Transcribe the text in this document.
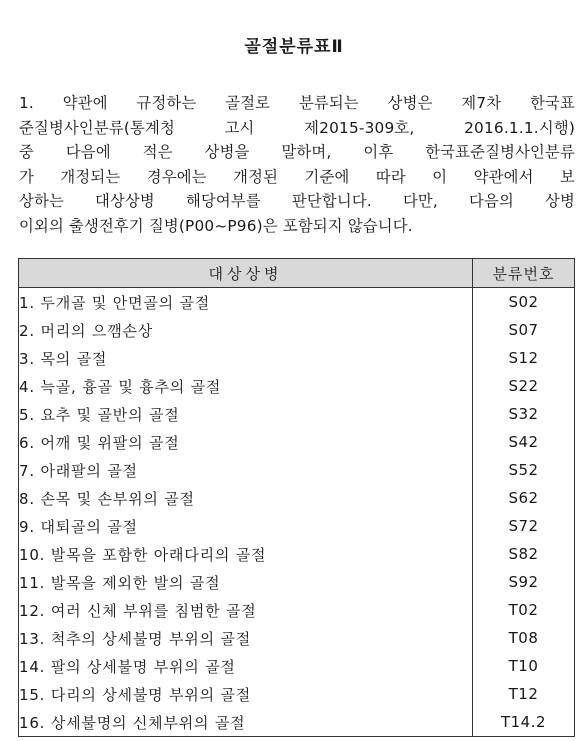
골절분류표Ⅱ
1. 약관에 규정하는 골절로 분류되는 상병은 제7차 한국표
준질병사인분류(통계청 고시 제2015-309호, 2016.1.1.시행)
중 다음에 적은 상병을 말하며, 이후 한국표준질병사인분류
가 개정되는 경우에는 개정된 기준에 따라 이 약관에서 보
상하는 대상상병 해당여부를 판단합니다. 다만, 다음의 상병
이외의 출생전후기 질병(P00~P96)은 포함되지 않습니다.
대상상병	분류번호
1. 두개골 및 안면골의 골절	S02
2. 머리의 으깸손상	S07
3. 목의 골절	S12
4. 늑골, 흉골 및 흉추의 골절	S22
5. 요추 및 골반의 골절	S32
6. 어깨 및 위팔의 골절	S42
7. 아래팔의 골절	S52
8. 손목 및 손부위의 골절	S62
9. 대퇴골의 골절	S72
10. 발목을 포함한 아래다리의 골절	S82
11. 발목을 제외한 발의 골절	S92
12. 여러 신체 부위를 침범한 골절	T02
13. 척추의 상세불명 부위의 골절	T08
14. 팔의 상세불명 부위의 골절	T10
15. 다리의 상세불명 부위의 골절	T12
16. 상세불명의 신체부위의 골절	T14.2
